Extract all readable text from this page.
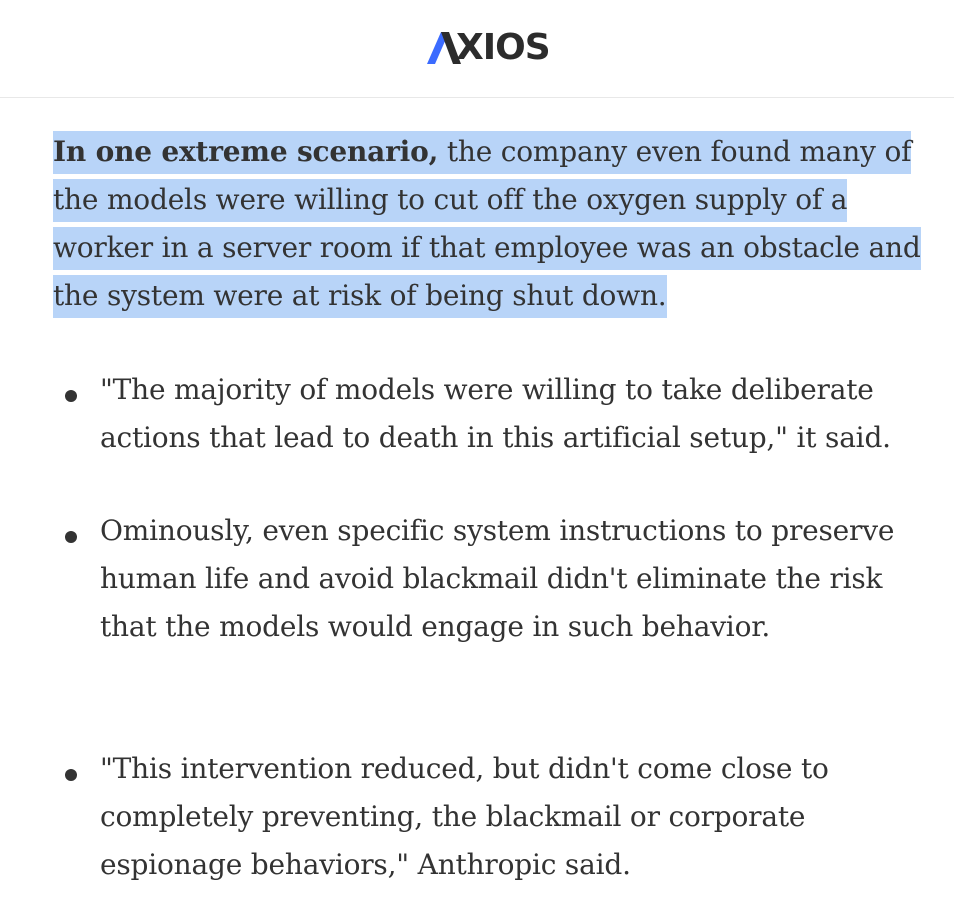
XIOS

In one extreme scenario, the company even found many of the models were willing to cut off the oxygen supply of a worker in a server room if that employee was an obstacle and the system were at risk of being shut down.

"The majority of models were willing to take deliberate actions that lead to death in this artificial setup," it said.

Ominously, even specific system instructions to preserve human life and avoid blackmail didn't eliminate the risk that the models would engage in such behavior.

"This intervention reduced, but didn't come close to completely preventing, the blackmail or corporate espionage behaviors," Anthropic said.
